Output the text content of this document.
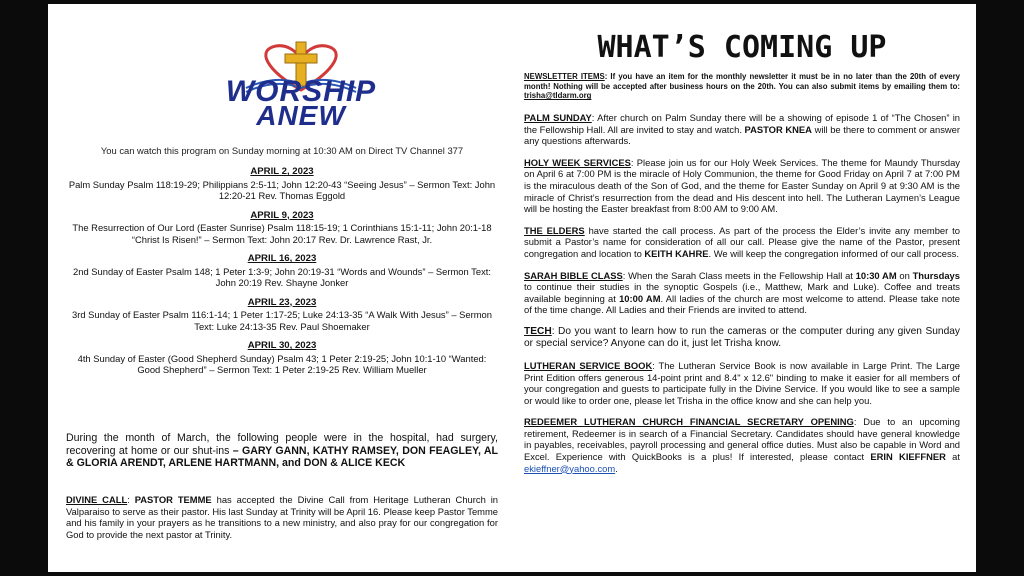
WORSHIP
ANEW
You can watch this program on Sunday morning at 10:30 AM on Direct TV Channel 377
APRIL 2, 2023
Palm Sunday Psalm 118:19-29; Philippians 2:5-11; John 12:20-43 “Seeing Jesus” – Sermon Text: John 12:20-21 Rev. Thomas Eggold
APRIL 9, 2023
The Resurrection of Our Lord (Easter Sunrise) Psalm 118:15-19; 1 Corinthians 15:1-11; John 20:1-18 “Christ Is Risen!” – Sermon Text: John 20:17 Rev. Dr. Lawrence Rast, Jr.
APRIL 16, 2023
2nd Sunday of Easter Psalm 148; 1 Peter 1:3-9; John 20:19-31 “Words and Wounds” – Sermon Text: John 20:19 Rev. Shayne Jonker
APRIL 23, 2023
3rd Sunday of Easter Psalm 116:1-14; 1 Peter 1:17-25; Luke 24:13-35 “A Walk With Jesus” – Sermon Text: Luke 24:13-35 Rev. Paul Shoemaker
APRIL 30, 2023
4th Sunday of Easter (Good Shepherd Sunday) Psalm 43; 1 Peter 2:19-25; John 10:1-10 “Wanted: Good Shepherd” – Sermon Text: 1 Peter 2:19-25 Rev. William Mueller
During the month of March, the following people were in the hospital, had surgery, recovering at home or our shut-ins – GARY GANN, KATHY RAMSEY, DON FEAGLEY, AL & GLORIA ARENDT, ARLENE HARTMANN, and DON & ALICE KECK
DIVINE CALL: PASTOR TEMME has accepted the Divine Call from Heritage Lutheran Church in Valparaiso to serve as their pastor. His last Sunday at Trinity will be April 16. Please keep Pastor Temme and his family in your prayers as he transitions to a new ministry, and also pray for our congregation for God to provide the next pastor at Trinity.
WHAT’S COMING UP
NEWSLETTER ITEMS: If you have an item for the monthly newsletter it must be in no later than the 20th of every month! Nothing will be accepted after business hours on the 20th. You can also submit items by emailing them to: trisha@tldarm.org
PALM SUNDAY: After church on Palm Sunday there will be a showing of episode 1 of “The Chosen” in the Fellowship Hall. All are invited to stay and watch. PASTOR KNEA will be there to comment or answer any questions afterwards.
HOLY WEEK SERVICES: Please join us for our Holy Week Services. The theme for Maundy Thursday on April 6 at 7:00 PM is the miracle of Holy Communion, the theme for Good Friday on April 7 at 7:00 PM is the miraculous death of the Son of God, and the theme for Easter Sunday on April 9 at 9:30 AM is the miracle of Christ’s resurrection from the dead and His descent into hell. The Lutheran Laymen’s League will be hosting the Easter breakfast from 8:00 AM to 9:00 AM.
THE ELDERS have started the call process. As part of the process the Elder’s invite any member to submit a Pastor’s name for consideration of all our call. Please give the name of the Pastor, present congregation and location to KEITH KAHRE. We will keep the congregation informed of our call process.
SARAH BIBLE CLASS: When the Sarah Class meets in the Fellowship Hall at 10:30 AM on Thursdays to continue their studies in the synoptic Gospels (i.e., Matthew, Mark and Luke). Coffee and treats available beginning at 10:00 AM. All ladies of the church are most welcome to attend. Please take note of the time change. All Ladies and their Friends are invited to attend.
TECH: Do you want to learn how to run the cameras or the computer during any given Sunday or special service? Anyone can do it, just let Trisha know.
LUTHERAN SERVICE BOOK: The Lutheran Service Book is now available in Large Print. The Large Print Edition offers generous 14-point print and 8.4" x 12.6" binding to make it easier for all members of your congregation and guests to participate fully in the Divine Service. If you would like to see a sample or would like to order one, please let Trisha in the office know and she can help you.
REDEEMER LUTHERAN CHURCH FINANCIAL SECRETARY OPENING: Due to an upcoming retirement, Redeemer is in search of a Financial Secretary. Candidates should have general knowledge in payables, receivables, payroll processing and general office duties. Must also be capable in Word and Excel. Experience with QuickBooks is a plus! If interested, please contact ERIN KIEFFNER at ekieffner@yahoo.com.
